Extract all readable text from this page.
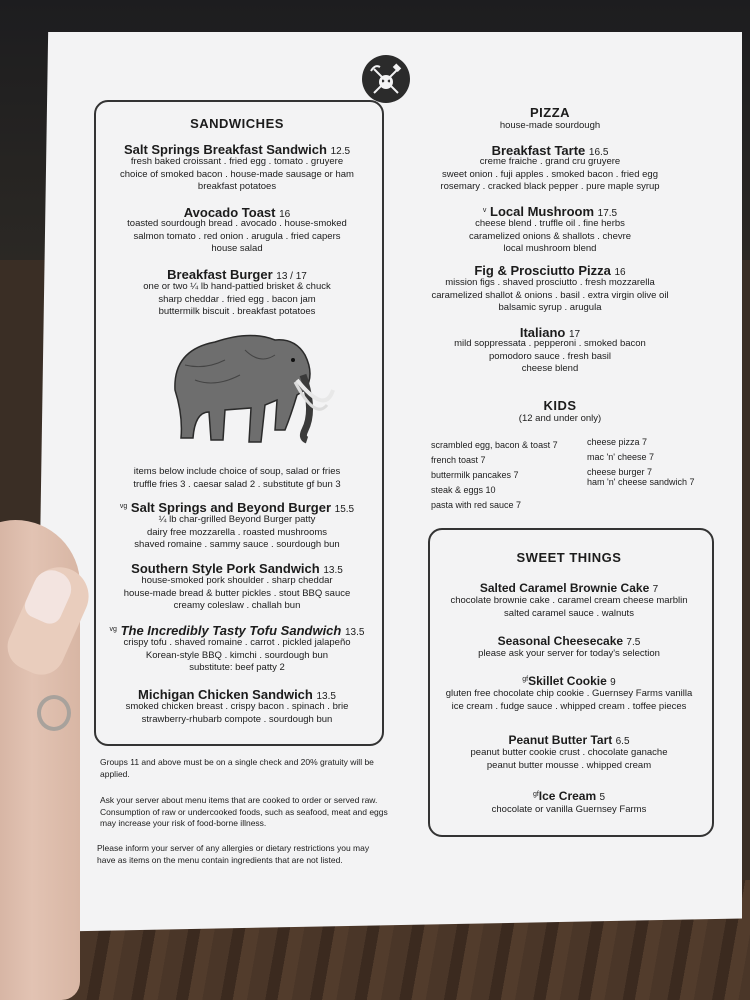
SANDWICHES
Salt Springs Breakfast Sandwich 12.5
fresh baked croissant . fried egg . tomato . gruyere
choice of smoked bacon . house-made sausage or ham
breakfast potatoes
Avocado Toast 16
toasted sourdough bread . avocado . house-smoked
salmon tomato . red onion . arugula . fried capers
house salad
Breakfast Burger 13 / 17
one or two ¼ lb hand-pattied brisket & chuck
sharp cheddar . fried egg . bacon jam
buttermilk biscuit . breakfast potatoes
items below include choice of soup, salad or fries
truffle fries 3 . caesar salad 2 . substitute gf bun 3
$^{vg}$ Salt Springs and Beyond Burger 15.5
¼ lb char-grilled Beyond Burger patty
dairy free mozzarella . roasted mushrooms
shaved romaine . sammy sauce . sourdough bun
Southern Style Pork Sandwich 13.5
house-smoked pork shoulder . sharp cheddar
house-made bread & butter pickles . stout BBQ sauce
creamy coleslaw . challah bun
$^{vg}$ The Incredibly Tasty Tofu Sandwich 13.5
crispy tofu . shaved romaine . carrot . pickled jalapeño
Korean-style BBQ . kimchi . sourdough bun
substitute: beef patty 2
Michigan Chicken Sandwich 13.5
smoked chicken breast . crispy bacon . spinach . brie
strawberry-rhubarb compote . sourdough bun
Groups 11 and above must be on a single check and 20% gratuity will be applied.
Ask your server about menu items that are cooked to order or served raw. Consumption of raw or undercooked foods, such as seafood, meat and eggs may increase your risk of food-borne illness.
Please inform your server of any allergies or dietary restrictions you may have as items on the menu contain ingredients that are not listed.
PIZZA
house-made sourdough
Breakfast Tarte 16.5
creme fraiche . grand cru gruyere
sweet onion . fuji apples . smoked bacon . fried egg
rosemary . cracked black pepper . pure maple syrup
$^v$ Local Mushroom 17.5
cheese blend . truffle oil . fine herbs
caramelized onions & shallots . chevre
local mushroom blend
Fig & Prosciutto Pizza 16
mission figs . shaved prosciutto . fresh mozzarella
caramelized shallot & onions . basil . extra virgin olive oil
balsamic syrup . arugula
Italiano 17
mild soppressata . pepperoni . smoked bacon
pomodoro sauce . fresh basil
cheese blend
KIDS
(12 and under only)
scrambled egg, bacon & toast 7
french toast 7
buttermilk pancakes 7
steak & eggs 10
pasta with red sauce 7
cheese pizza 7
mac 'n' cheese 7
cheese burger 7
ham 'n' cheese sandwich 7
SWEET THINGS
Salted Caramel Brownie Cake 7
chocolate brownie cake . caramel cream cheese marblin
salted caramel sauce . walnuts
Seasonal Cheesecake 7.5
please ask your server for today's selection
$^{gf}$Skillet Cookie 9
gluten free chocolate chip cookie . Guernsey Farms vanilla
ice cream . fudge sauce . whipped cream . toffee pieces
Peanut Butter Tart 6.5
peanut butter cookie crust . chocolate ganache
peanut butter mousse . whipped cream
$^{gf}$Ice Cream 5
chocolate or vanilla Guernsey Farms
